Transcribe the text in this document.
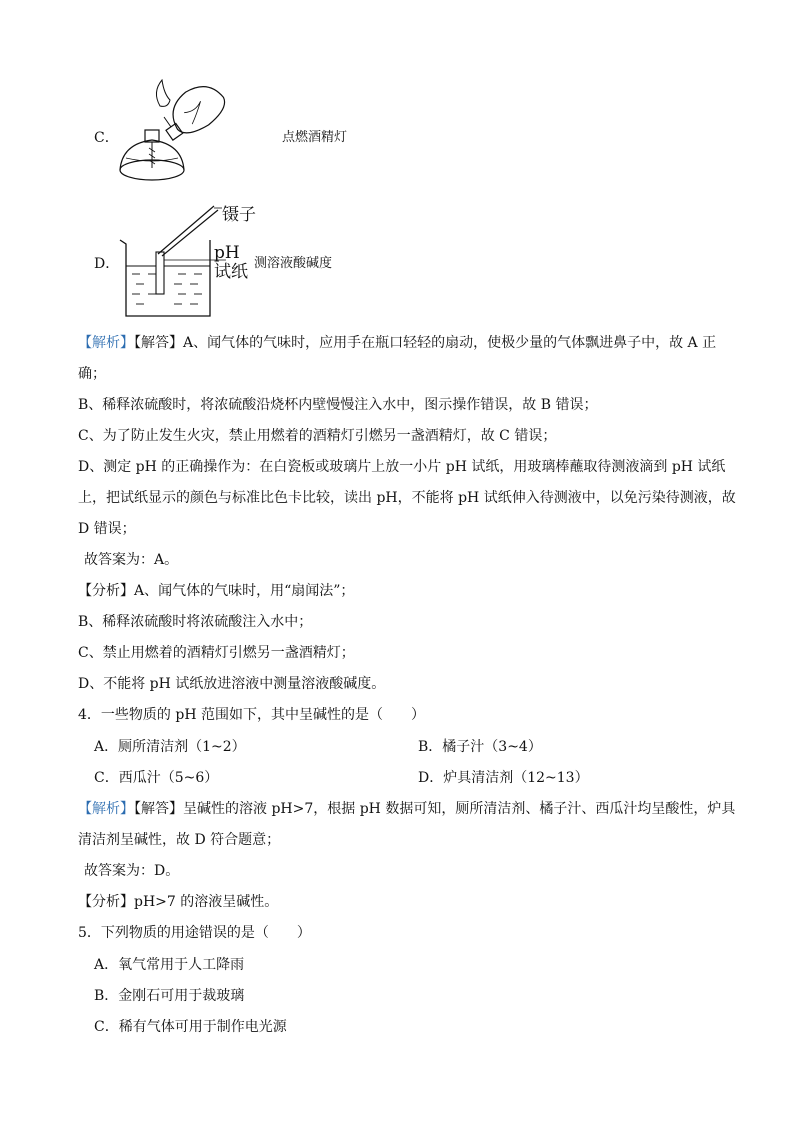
C．	点燃酒精灯
D．
镊子
pH
试纸 测溶液酸碱度
【解析】【解答】A、闻气体的气味时，应用手在瓶口轻轻的扇动，使极少量的气体飘进鼻子中，故 A 正
确；
B、稀释浓硫酸时，将浓硫酸沿烧杯内壁慢慢注入水中，图示操作错误，故 B 错误；
C、为了防止发生火灾，禁止用燃着的酒精灯引燃另一盏酒精灯，故 C 错误；
D、测定 pH 的正确操作为：在白瓷板或玻璃片上放一小片 pH 试纸，用玻璃棒蘸取待测液滴到 pH 试纸
上，把试纸显示的颜色与标准比色卡比较，读出 pH，不能将 pH 试纸伸入待测液中，以免污染待测液，故
D 错误；
故答案为：A。
【分析】A、闻气体的气味时，用“扇闻法”；
B、稀释浓硫酸时将浓硫酸注入水中；
C、禁止用燃着的酒精灯引燃另一盏酒精灯；
D、不能将 pH 试纸放进溶液中测量溶液酸碱度。
4．一些物质的 pH 范围如下，其中呈碱性的是（　　）
A．厕所清洁剂（1~2）	B．橘子汁（3~4）
C．西瓜汁（5~6）	D．炉具清洁剂（12~13）
【解析】【解答】呈碱性的溶液 pH>7，根据 pH 数据可知，厕所清洁剂、橘子汁、西瓜汁均呈酸性，炉具
清洁剂呈碱性，故 D 符合题意；
故答案为：D。
【分析】pH>7 的溶液呈碱性。
5．下列物质的用途错误的是（　　）
A．氧气常用于人工降雨
B．金刚石可用于裁玻璃
C．稀有气体可用于制作电光源
